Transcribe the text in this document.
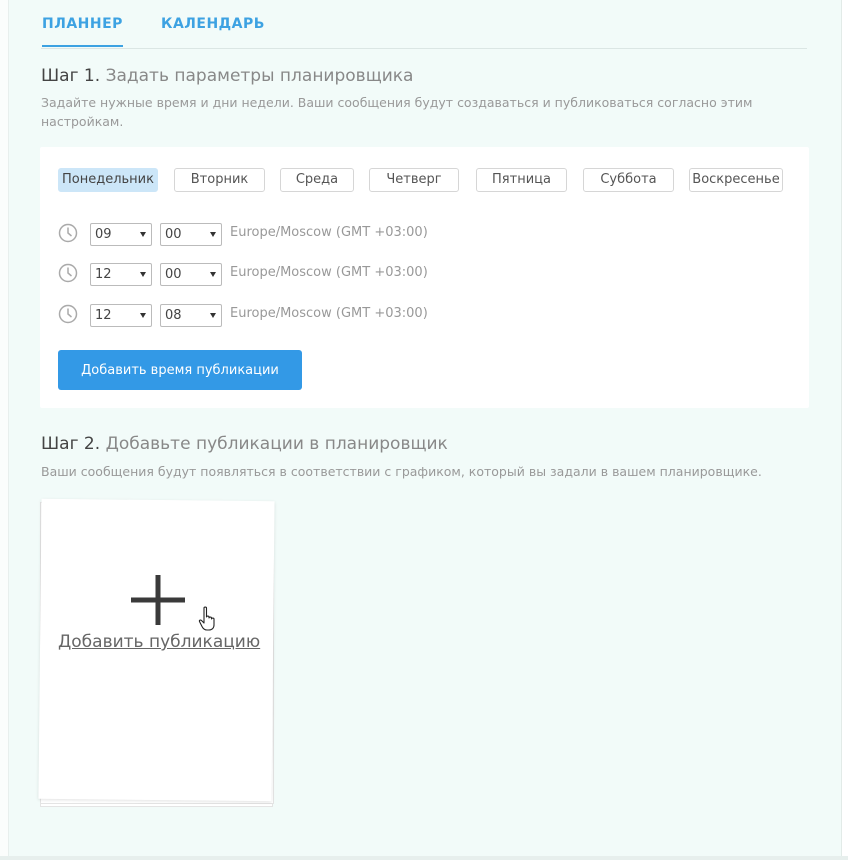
ПЛАННЕР	КАЛЕНДАРЬ
Шаг 1. Задать параметры планировщика
Задайте нужные время и дни недели. Ваши сообщения будут создаваться и публиковаться согласно этим настройкам.
Понедельник	Вторник	Среда	Четверг	Пятница	Суббота	Воскресенье
09	00	Europe/Moscow (GMT +03:00)
12	00	Europe/Moscow (GMT +03:00)
12	08	Europe/Moscow (GMT +03:00)
Добавить время публикации
Шаг 2. Добавьте публикации в планировщик
Ваши сообщения будут появляться в соответствии с графиком, который вы задали в вашем планировщике.
Добавить публикацию
